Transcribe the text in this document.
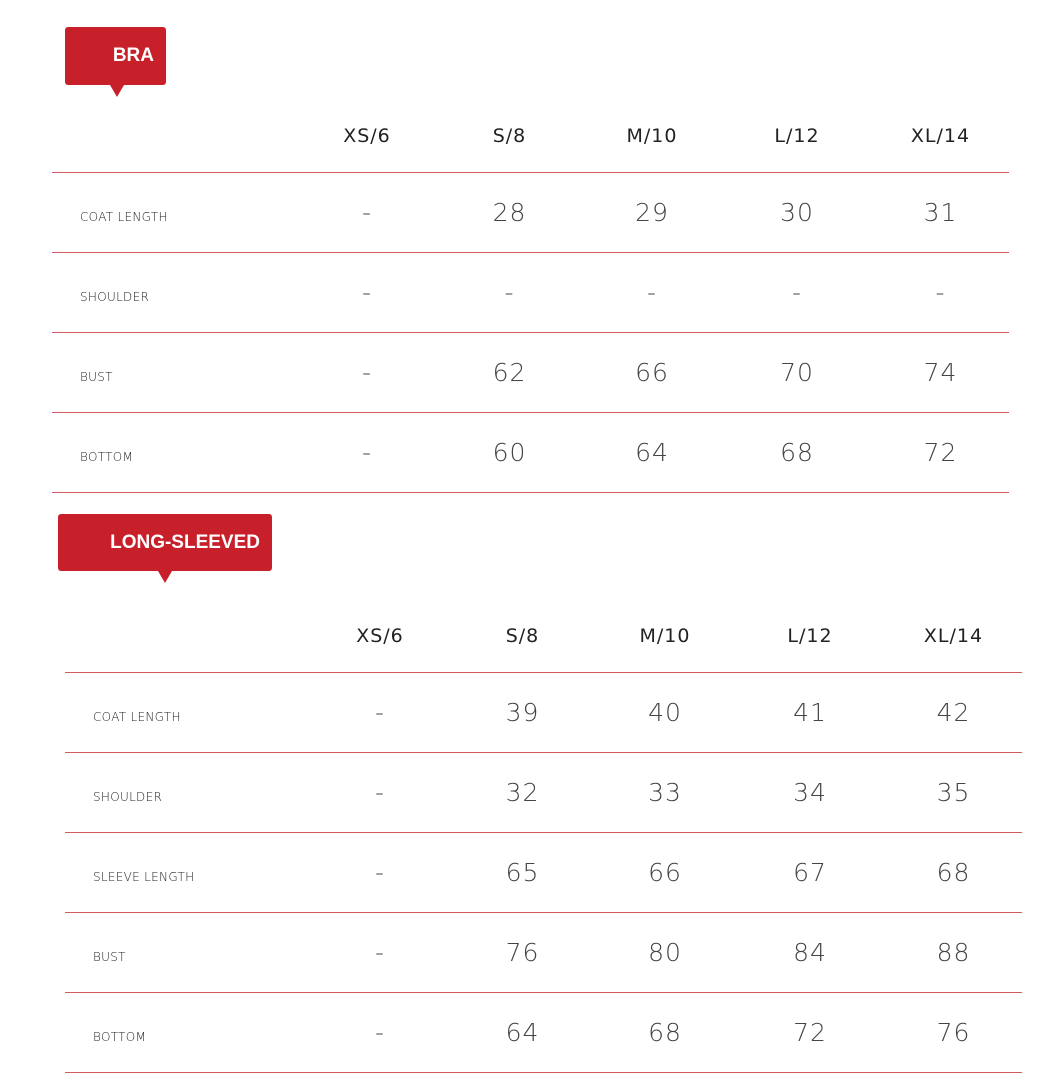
BRA
	XS/6	S/8	M/10	L/12	XL/14
COAT LENGTH	-	28	29	30	31
SHOULDER	-	-	-	-	-
BUST	-	62	66	70	74
BOTTOM	-	60	64	68	72
LONG-SLEEVED
	XS/6	S/8	M/10	L/12	XL/14
COAT LENGTH	-	39	40	41	42
SHOULDER	-	32	33	34	35
SLEEVE LENGTH	-	65	66	67	68
BUST	-	76	80	84	88
BOTTOM	-	64	68	72	76
